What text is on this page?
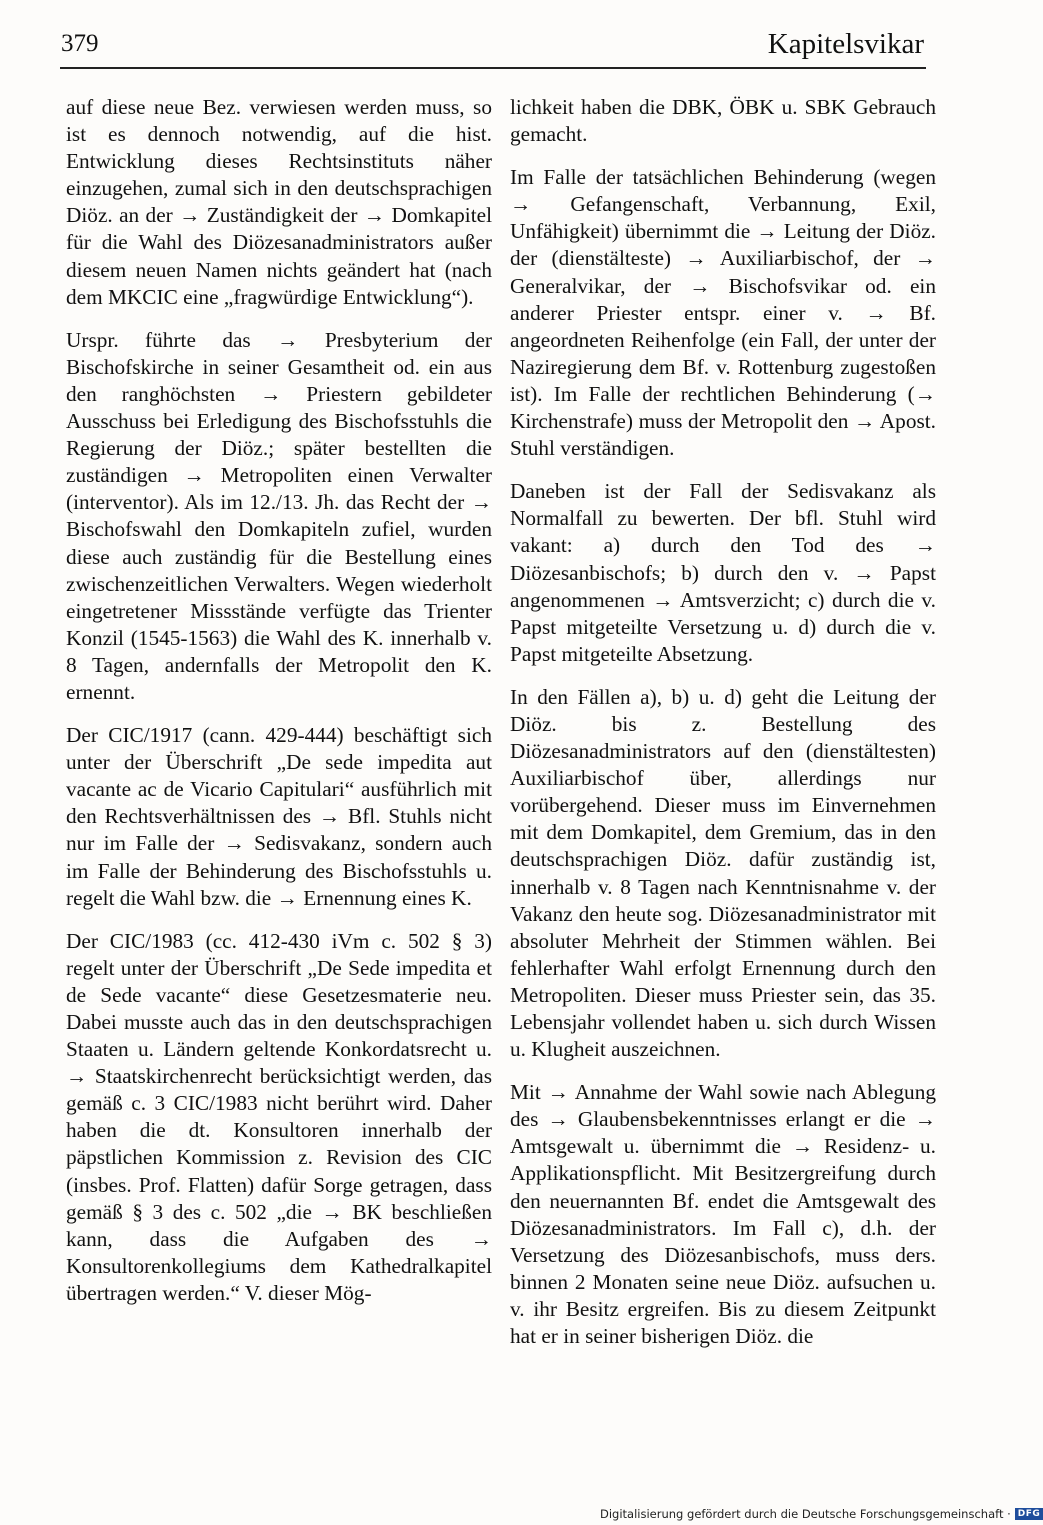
379	Kapitelsvikar

auf diese neue Bez. verwiesen werden muss, so ist es dennoch notwendig, auf die hist. Entwicklung dieses Rechtsinstituts näher einzugehen, zumal sich in den deutschsprachigen Diöz. an der → Zuständigkeit der → Domkapitel für die Wahl des Diözesanadministrators außer diesem neuen Namen nichts geändert hat (nach dem MKCIC eine „fragwürdige Entwicklung“).

Urspr. führte das → Presbyterium der Bischofskirche in seiner Gesamtheit od. ein aus den ranghöchsten → Priestern gebildeter Ausschuss bei Erledigung des Bischofsstuhls die Regierung der Diöz.; später bestellten die zuständigen → Metropoliten einen Verwalter (interventor). Als im 12./13. Jh. das Recht der → Bischofswahl den Domkapiteln zufiel, wurden diese auch zuständig für die Bestellung eines zwischenzeitlichen Verwalters. Wegen wiederholt eingetretener Missstände verfügte das Trienter Konzil (1545-1563) die Wahl des K. innerhalb v. 8 Tagen, andernfalls der Metropolit den K. ernennt.

Der CIC/1917 (cann. 429-444) beschäftigt sich unter der Überschrift „De sede impedita aut vacante ac de Vicario Capitulari“ ausführlich mit den Rechtsverhältnissen des → Bfl. Stuhls nicht nur im Falle der → Sedisvakanz, sondern auch im Falle der Behinderung des Bischofsstuhls u. regelt die Wahl bzw. die → Ernennung eines K.

Der CIC/1983 (cc. 412-430 iVm c. 502 § 3) regelt unter der Überschrift „De Sede impedita et de Sede vacante“ diese Gesetzesmaterie neu. Dabei musste auch das in den deutschsprachigen Staaten u. Ländern geltende Konkordatsrecht u. → Staatskirchenrecht berücksichtigt werden, das gemäß c. 3 CIC/1983 nicht berührt wird. Daher haben die dt. Konsultoren innerhalb der päpstlichen Kommission z. Revision des CIC (insbes. Prof. Flatten) dafür Sorge getragen, dass gemäß § 3 des c. 502 „die → BK beschließen kann, dass die Aufgaben des → Konsultorenkollegiums dem Kathedralkapitel übertragen werden.“ V. dieser Mög-

lichkeit haben die DBK, ÖBK u. SBK Gebrauch gemacht.

Im Falle der tatsächlichen Behinderung (wegen → Gefangenschaft, Verbannung, Exil, Unfähigkeit) übernimmt die → Leitung der Diöz. der (dienstälteste) → Auxiliarbischof, der → Generalvikar, der → Bischofsvikar od. ein anderer Priester entspr. einer v. → Bf. angeordneten Reihenfolge (ein Fall, der unter der Naziregierung dem Bf. v. Rottenburg zugestoßen ist). Im Falle der rechtlichen Behinderung (→ Kirchenstrafe) muss der Metropolit den → Apost. Stuhl verständigen.

Daneben ist der Fall der Sedisvakanz als Normalfall zu bewerten. Der bfl. Stuhl wird vakant: a) durch den Tod des → Diözesanbischofs; b) durch den v. → Papst angenommenen → Amtsverzicht; c) durch die v. Papst mitgeteilte Versetzung u. d) durch die v. Papst mitgeteilte Absetzung.

In den Fällen a), b) u. d) geht die Leitung der Diöz. bis z. Bestellung des Diözesanadministrators auf den (dienstältesten) Auxiliarbischof über, allerdings nur vorübergehend. Dieser muss im Einvernehmen mit dem Domkapitel, dem Gremium, das in den deutschsprachigen Diöz. dafür zuständig ist, innerhalb v. 8 Tagen nach Kenntnisnahme v. der Vakanz den heute sog. Diözesanadministrator mit absoluter Mehrheit der Stimmen wählen. Bei fehlerhafter Wahl erfolgt Ernennung durch den Metropoliten. Dieser muss Priester sein, das 35. Lebensjahr vollendet haben u. sich durch Wissen u. Klugheit auszeichnen.

Mit → Annahme der Wahl sowie nach Ablegung des → Glaubensbekenntnisses erlangt er die → Amtsgewalt u. übernimmt die → Residenz- u. Applikationspflicht. Mit Besitzergreifung durch den neuernannten Bf. endet die Amtsgewalt des Diözesanadministrators. Im Fall c), d.h. der Versetzung des Diözesanbischofs, muss ders. binnen 2 Monaten seine neue Diöz. aufsuchen u. v. ihr Besitz ergreifen. Bis zu diesem Zeitpunkt hat er in seiner bisherigen Diöz. die

Digitalisierung gefördert durch die Deutsche Forschungsgemeinschaft · DFG
